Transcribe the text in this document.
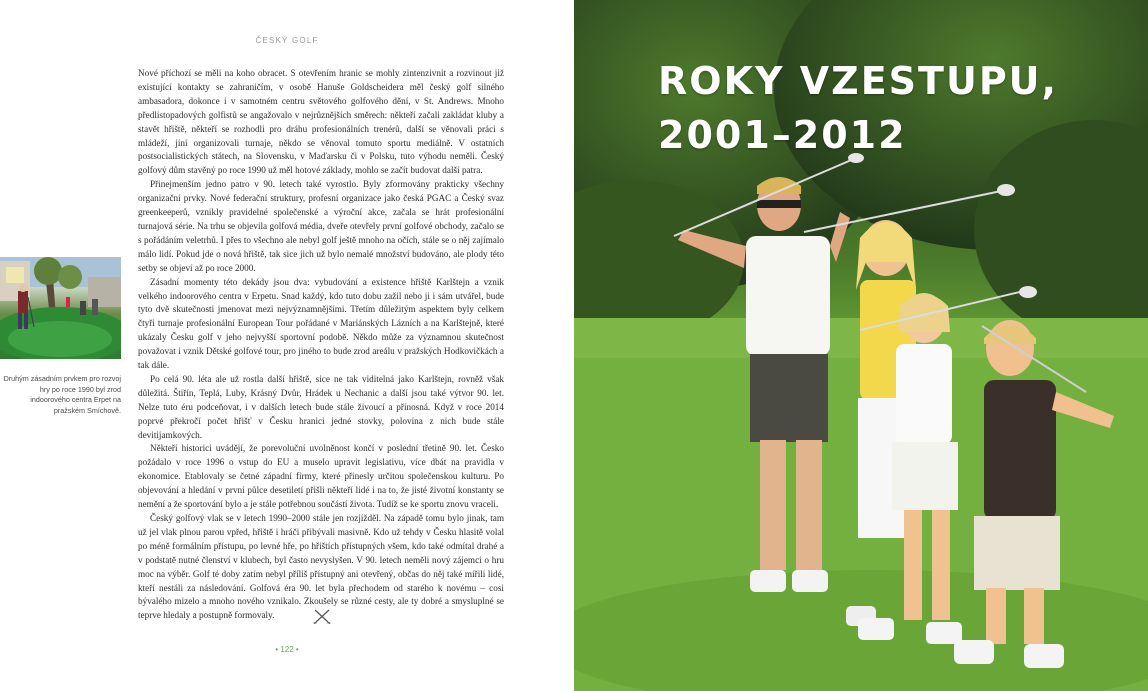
ČESKÝ GOLF
Druhým zásadním prvkem pro rozvoj hry po roce 1990 byl zrod indoorového centra Erpet na pražském Smíchově.

Nové příchozí se měli na koho obracet. S otevřením hranic se mohly zintenzivnit a rozvinout již existující kontakty se zahraničím, v osobě Hanuše Goldscheidera měl český golf silného ambasadora, dokonce i v samotném centru světového golfového dění, v St. Andrews. Mnoho předlistopadových golfistů se angažovalo v nejrůznějších směrech: někteří začali zakládat kluby a stavět hřiště, někteří se rozhodli pro dráhu profesionálních trenérů, další se věnovali práci s mládeží, jiní organizovali turnaje, někdo se věnoval tomuto sportu mediálně. V ostatních postsocialistických státech, na Slovensku, v Maďarsku či v Polsku, tuto výhodu neměli. Český golfový dům stavěný po roce 1990 už měl hotové základy, mohlo se začít budovat další patra.

Přinejmenším jedno patro v 90. letech také vyrostlo. Byly zformovány prakticky všechny organizační prvky. Nové federační struktury, profesní organizace jako česká PGAC a Český svaz greenkeeperů, vznikly pravidelné společenské a výroční akce, začala se hrát profesionální turnajová série. Na trhu se objevila golfová média, dveře otevřely první golfové obchody, začalo se s pořádáním veletrhů. I přes to všechno ale nebyl golf ještě mnoho na očích, stále se o něj zajímalo málo lidí. Pokud jde o nová hřiště, tak sice jich už bylo nemalé množství budováno, ale plody této setby se objeví až po roce 2000.

Zásadní momenty této dekády jsou dva: vybudování a existence hřiště Karlštejn a vznik velkého indoorového centra v Erpetu. Snad každý, kdo tuto dobu zažil nebo ji i sám utvářel, bude tyto dvě skutečnosti jmenovat mezi nejvýznamnějšími. Třetím důležitým aspektem byly celkem čtyři turnaje profesionální European Tour pořádané v Mariánských Lázních a na Karlštejně, které ukázaly Česku golf v jeho nejvyšší sportovní podobě. Někdo může za významnou skutečnost považovat i vznik Dětské golfové tour, pro jiného to bude zrod areálu v pražských Hodkovičkách a tak dále.

Po celá 90. léta ale už rostla další hřiště, sice ne tak viditelná jako Karlštejn, rovněž však důležitá. Štiřín, Teplá, Luby, Krásný Dvůr, Hrádek u Nechanic a další jsou také výtvor 90. let. Nelze tuto éru podceňovat, i v dalších letech bude stále živoucí a přínosná. Když v roce 2014 poprvé překročí počet hřišť v Česku hranici jedné stovky, polovina z nich bude stále devitijamkových.

Někteří historici uvádějí, že porevoluční uvolněnost končí v poslední třetině 90. let. Česko požádalo v roce 1996 o vstup do EU a muselo upravit legislativu, více dbát na pravidla v ekonomice. Etablovaly se četné západní firmy, které přinesly určitou společenskou kulturu. Po objevování a hledání v první půlce desetiletí přišli někteří lidé i na to, že jisté životní konstanty se nemění a že sportování bylo a je stále potřebnou součástí života. Tudíž se ke sportu znovu vraceli.

Český golfový vlak se v letech 1990–2000 stále jen rozjížděl. Na západě tomu bylo jinak, tam už jel vlak plnou parou vpřed, hřiště i hráči přibývali masivně. Kdo už tehdy v Česku hlasitě volal po méně formálním přístupu, po levné hře, po hřištích přístupných všem, kdo také odmítal drahé a v podstatě nutné členství v klubech, byl často nevyslyšen. V 90. letech neměli nový zájemci o hru moc na výběr. Golf té doby zatím nebyl příliš přístupný ani otevřený, občas do něj také mířili lidé, kteří nestáli za následování. Golfová éra 90. let byla přechodem od starého k novému – cosi bývalého mizelo a mnoho nového vznikalo. Zkoušely se různé cesty, ale ty dobré a smysluplné se teprve hledaly a postupně formovaly.

• 122 •
ROKY VZESTUPU,
2001–2012
